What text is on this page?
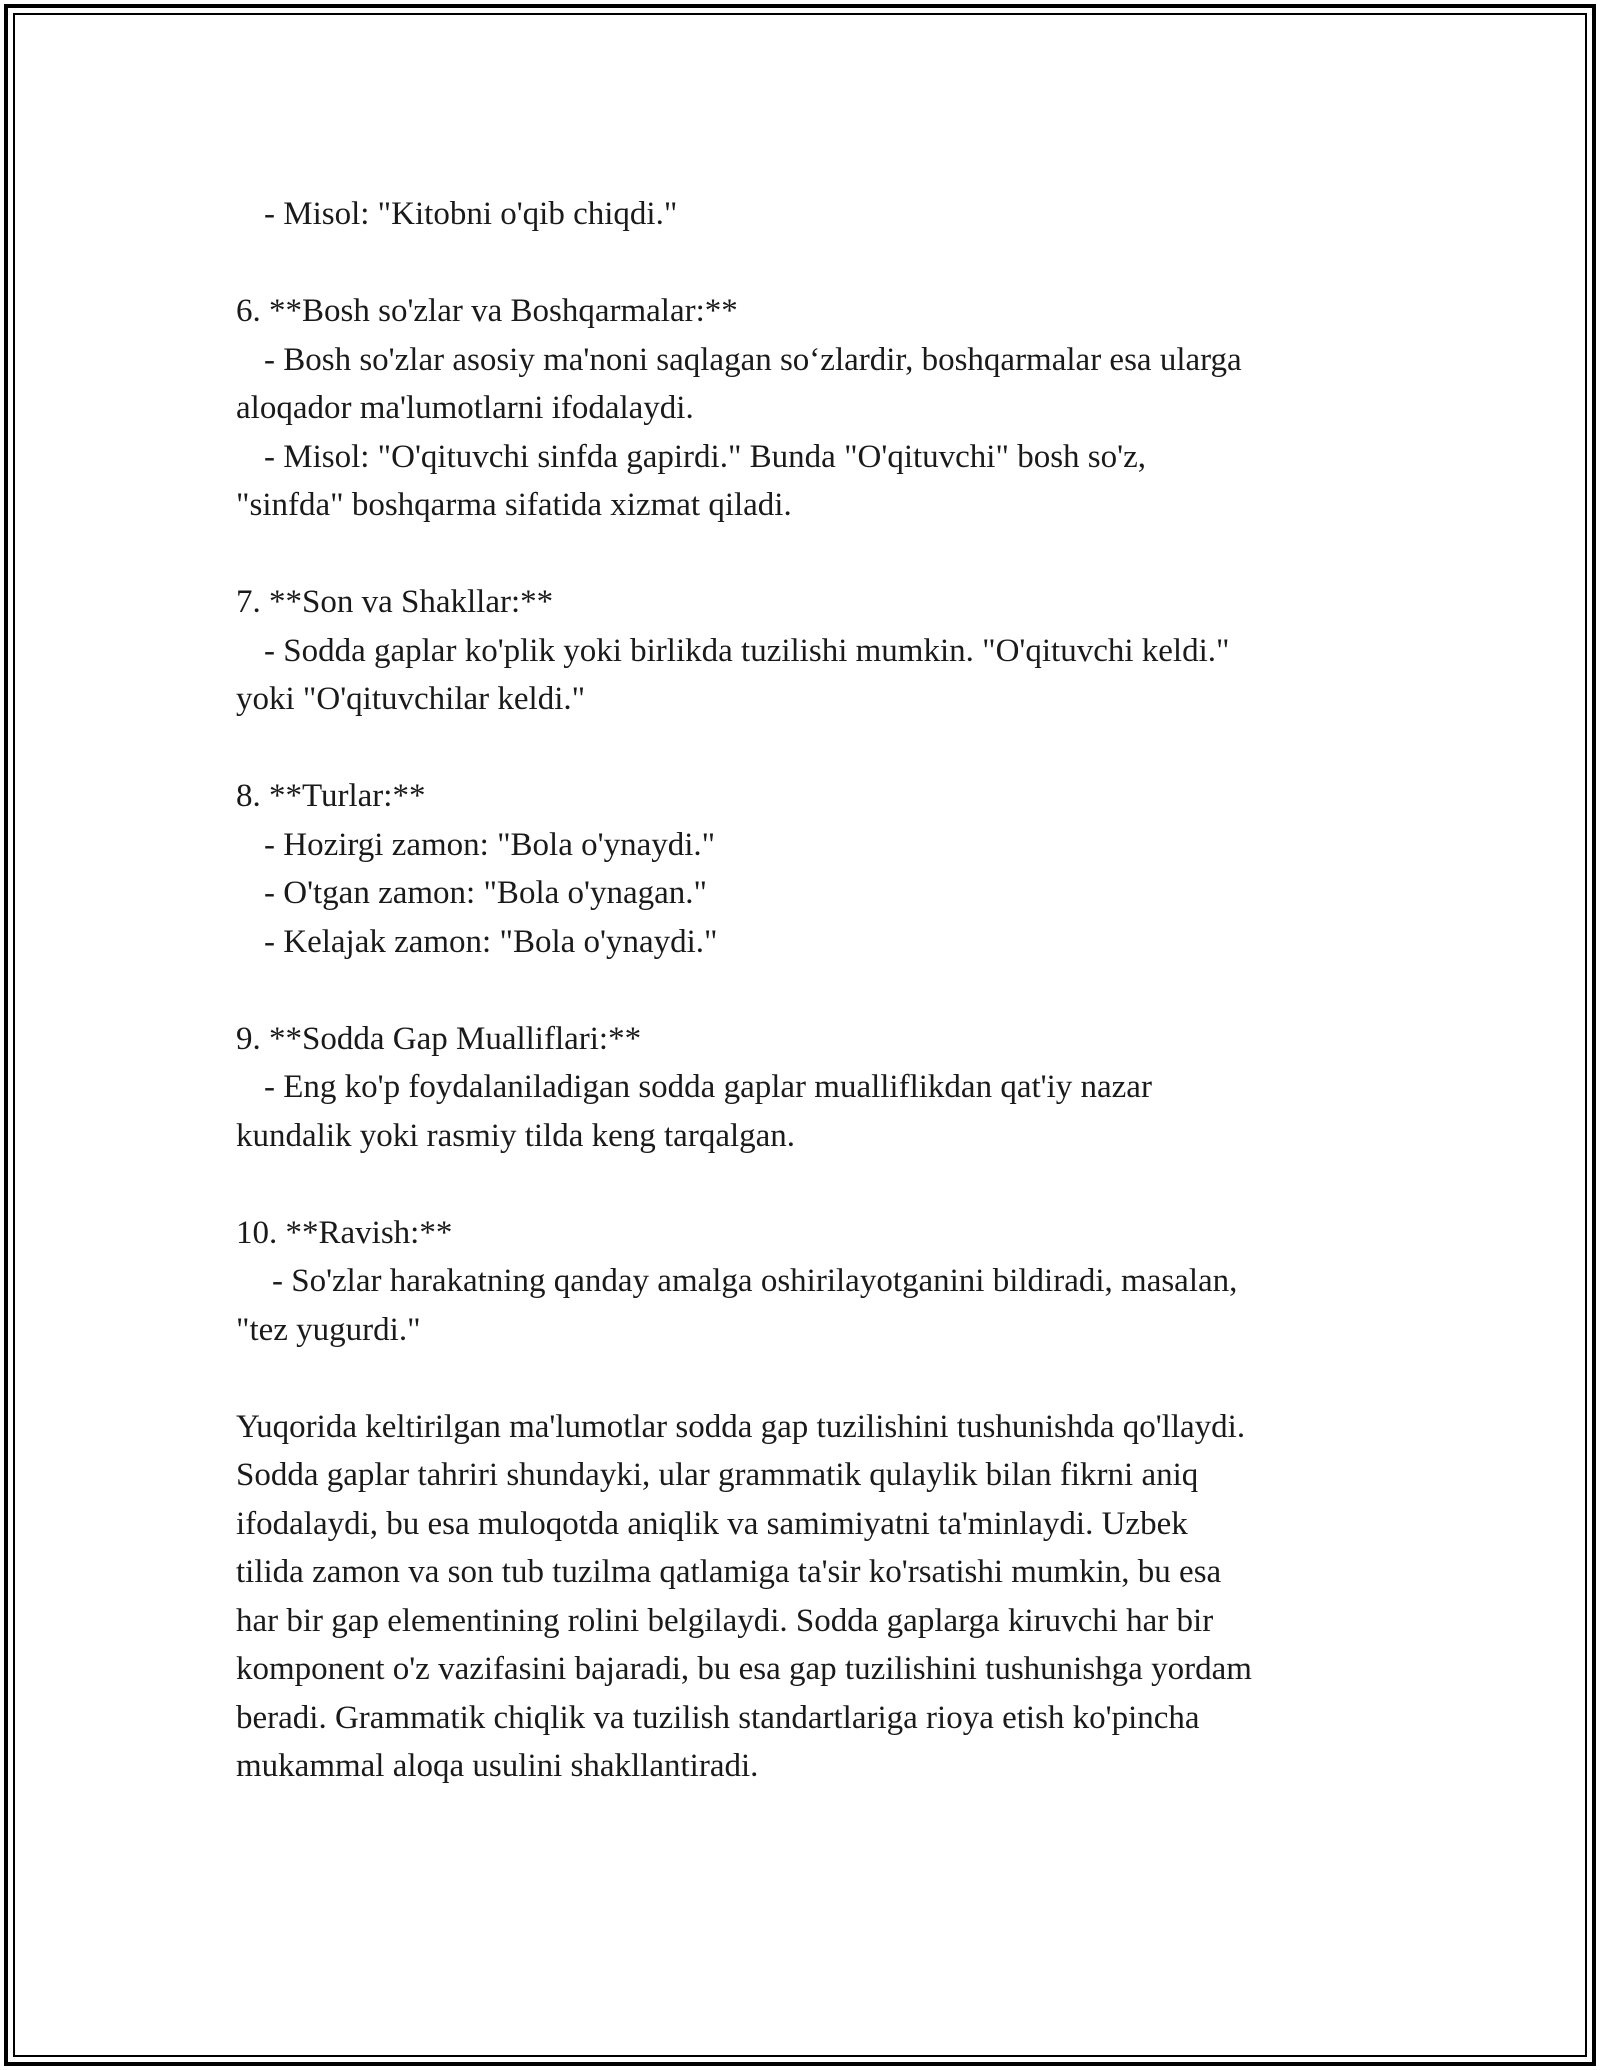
- Misol: "Kitobni o'qib chiqdi."
6. **Bosh so'zlar va Boshqarmalar:**
- Bosh so'zlar asosiy ma'noni saqlagan so‘zlardir, boshqarmalar esa ularga
aloqador ma'lumotlarni ifodalaydi.
- Misol: "O'qituvchi sinfda gapirdi." Bunda "O'qituvchi" bosh so'z,
"sinfda" boshqarma sifatida xizmat qiladi.
7. **Son va Shakllar:**
- Sodda gaplar ko'plik yoki birlikda tuzilishi mumkin. "O'qituvchi keldi."
yoki "O'qituvchilar keldi."
8. **Turlar:**
- Hozirgi zamon: "Bola o'ynaydi."
- O'tgan zamon: "Bola o'ynagan."
- Kelajak zamon: "Bola o'ynaydi."
9. **Sodda Gap Mualliflari:**
- Eng ko'p foydalaniladigan sodda gaplar mualliflikdan qat'iy nazar
kundalik yoki rasmiy tilda keng tarqalgan.
10. **Ravish:**
- So'zlar harakatning qanday amalga oshirilayotganini bildiradi, masalan,
"tez yugurdi."
Yuqorida keltirilgan ma'lumotlar sodda gap tuzilishini tushunishda qo'llaydi.
Sodda gaplar tahriri shundayki, ular grammatik qulaylik bilan fikrni aniq
ifodalaydi, bu esa muloqotda aniqlik va samimiyatni ta'minlaydi. Uzbek
tilida zamon va son tub tuzilma qatlamiga ta'sir ko'rsatishi mumkin, bu esa
har bir gap elementining rolini belgilaydi. Sodda gaplarga kiruvchi har bir
komponent o'z vazifasini bajaradi, bu esa gap tuzilishini tushunishga yordam
beradi. Grammatik chiqlik va tuzilish standartlariga rioya etish ko'pincha
mukammal aloqa usulini shakllantiradi.
